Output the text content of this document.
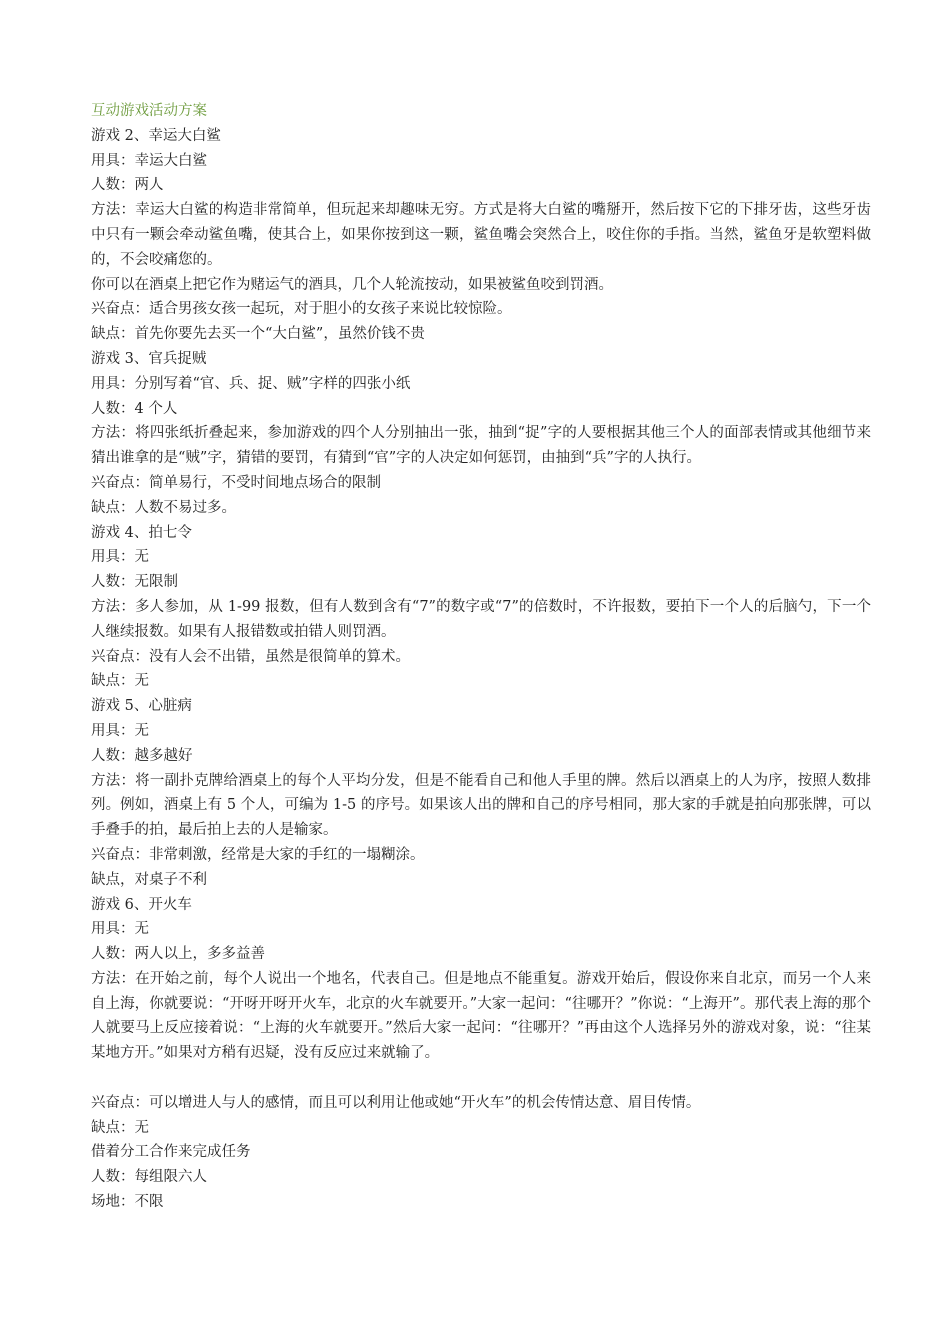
互动游戏活动方案
游戏 2、幸运大白鲨
用具：幸运大白鲨
人数：两人
方法：幸运大白鲨的构造非常简单，但玩起来却趣味无穷。方式是将大白鲨的嘴掰开，然后按下它的下排牙齿，这些牙齿中只有一颗会牵动鲨鱼嘴，使其合上，如果你按到这一颗，鲨鱼嘴会突然合上，咬住你的手指。当然，鲨鱼牙是软塑料做的，不会咬痛您的。
你可以在酒桌上把它作为赌运气的酒具，几个人轮流按动，如果被鲨鱼咬到罚酒。
兴奋点：适合男孩女孩一起玩，对于胆小的女孩子来说比较惊险。
缺点：首先你要先去买一个“大白鲨”，虽然价钱不贵
游戏 3、官兵捉贼
用具：分别写着“官、兵、捉、贼”字样的四张小纸
人数：4 个人
方法：将四张纸折叠起来，参加游戏的四个人分别抽出一张，抽到“捉”字的人要根据其他三个人的面部表情或其他细节来猜出谁拿的是“贼”字，猜错的要罚，有猜到“官”字的人决定如何惩罚，由抽到“兵”字的人执行。
兴奋点：简单易行，不受时间地点场合的限制
缺点：人数不易过多。
游戏 4、拍七令
用具：无
人数：无限制
方法：多人参加，从 1-99 报数，但有人数到含有“7”的数字或“7”的倍数时，不许报数，要拍下一个人的后脑勺，下一个人继续报数。如果有人报错数或拍错人则罚酒。
兴奋点：没有人会不出错，虽然是很简单的算术。
缺点：无
游戏 5、心脏病
用具：无
人数：越多越好
方法：将一副扑克牌给酒桌上的每个人平均分发，但是不能看自己和他人手里的牌。然后以酒桌上的人为序，按照人数排列。例如，酒桌上有 5 个人，可编为 1-5 的序号。如果该人出的牌和自己的序号相同，那大家的手就是拍向那张牌，可以手叠手的拍，最后拍上去的人是输家。
兴奋点：非常刺激，经常是大家的手红的一塌糊涂。
缺点，对桌子不利
游戏 6、开火车
用具：无
人数：两人以上，多多益善
方法：在开始之前，每个人说出一个地名，代表自己。但是地点不能重复。游戏开始后，假设你来自北京，而另一个人来自上海，你就要说：“开呀开呀开火车，北京的火车就要开。”大家一起问：“往哪开？”你说：“上海开”。那代表上海的那个人就要马上反应接着说：“上海的火车就要开。”然后大家一起问：“往哪开？”再由这个人选择另外的游戏对象，说：“往某某地方开。”如果对方稍有迟疑，没有反应过来就输了。
兴奋点：可以增进人与人的感情，而且可以利用让他或她“开火车”的机会传情达意、眉目传情。
缺点：无
借着分工合作来完成任务
人数：每组限六人
场地：不限
